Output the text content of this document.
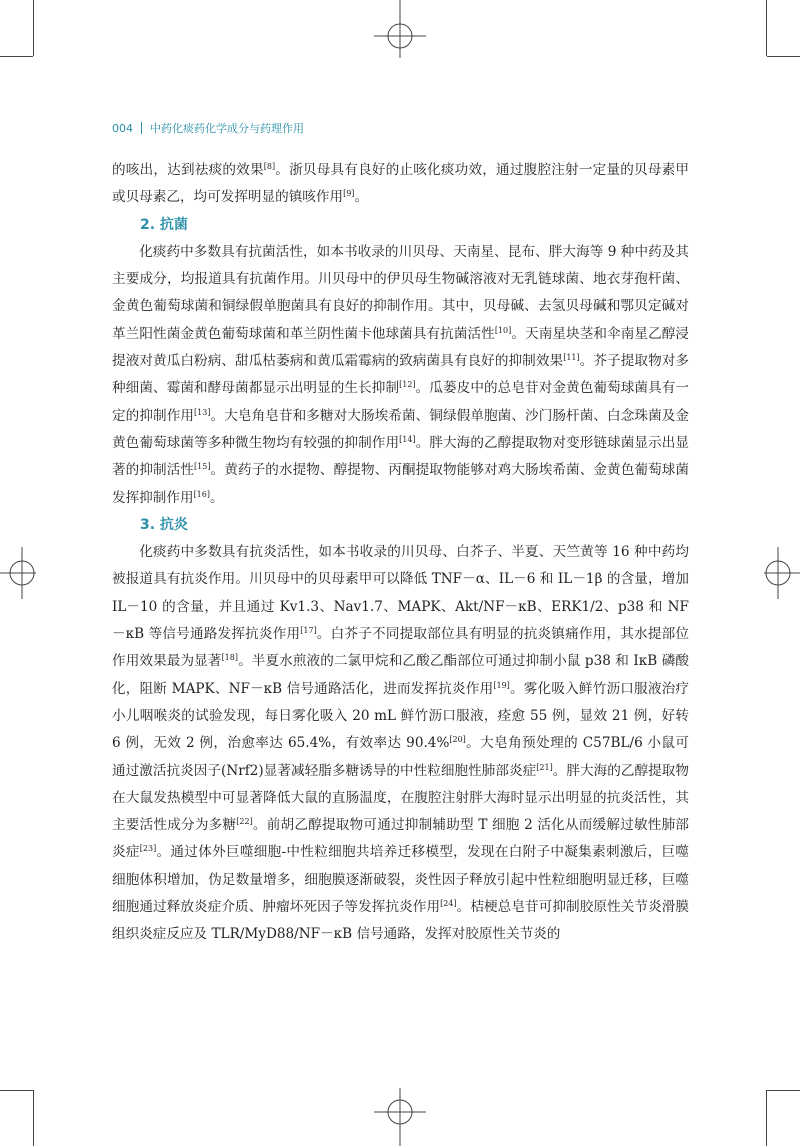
004 中药化痰药化学成分与药理作用

的咳出，达到祛痰的效果[8]。浙贝母具有良好的止咳化痰功效，通过腹腔注射一定量的贝母素甲或贝母素乙，均可发挥明显的镇咳作用[9]。

2. 抗菌

化痰药中多数具有抗菌活性，如本书收录的川贝母、天南星、昆布、胖大海等 9 种中药及其主要成分，均报道具有抗菌作用。川贝母中的伊贝母生物碱溶液对无乳链球菌、地衣芽孢杆菌、金黄色葡萄球菌和铜绿假单胞菌具有良好的抑制作用。其中，贝母碱、去氢贝母碱和鄂贝定碱对革兰阳性菌金黄色葡萄球菌和革兰阴性菌卡他球菌具有抗菌活性[10]。天南星块茎和伞南星乙醇浸提液对黄瓜白粉病、甜瓜枯萎病和黄瓜霜霉病的致病菌具有良好的抑制效果[11]。芥子提取物对多种细菌、霉菌和酵母菌都显示出明显的生长抑制[12]。瓜蒌皮中的总皂苷对金黄色葡萄球菌具有一定的抑制作用[13]。大皂角皂苷和多糖对大肠埃希菌、铜绿假单胞菌、沙门肠杆菌、白念珠菌及金黄色葡萄球菌等多种微生物均有较强的抑制作用[14]。胖大海的乙醇提取物对变形链球菌显示出显著的抑制活性[15]。黄药子的水提物、醇提物、丙酮提取物能够对鸡大肠埃希菌、金黄色葡萄球菌发挥抑制作用[16]。

3. 抗炎

化痰药中多数具有抗炎活性，如本书收录的川贝母、白芥子、半夏、天竺黄等 16 种中药均被报道具有抗炎作用。川贝母中的贝母素甲可以降低 TNF－α、IL－6 和 IL－1β 的含量，增加 IL－10 的含量，并且通过 Kv1.3、Nav1.7、MAPK、Akt/NF－κB、ERK1/2、p38 和 NF－κB 等信号通路发挥抗炎作用[17]。白芥子不同提取部位具有明显的抗炎镇痛作用，其水提部位作用效果最为显著[18]。半夏水煎液的二氯甲烷和乙酸乙酯部位可通过抑制小鼠 p38 和 IκB 磷酸化，阻断 MAPK、NF－κB 信号通路活化，进而发挥抗炎作用[19]。雾化吸入鲜竹沥口服液治疗小儿咽喉炎的试验发现，每日雾化吸入 20 mL 鲜竹沥口服液，痊愈 55 例，显效 21 例，好转 6 例，无效 2 例，治愈率达 65.4%，有效率达 90.4%[20]。大皂角预处理的 C57BL/6 小鼠可通过激活抗炎因子(Nrf2)显著减轻脂多糖诱导的中性粒细胞性肺部炎症[21]。胖大海的乙醇提取物在大鼠发热模型中可显著降低大鼠的直肠温度，在腹腔注射胖大海时显示出明显的抗炎活性，其主要活性成分为多糖[22]。前胡乙醇提取物可通过抑制辅助型 T 细胞 2 活化从而缓解过敏性肺部炎症[23]。通过体外巨噬细胞-中性粒细胞共培养迁移模型，发现在白附子中凝集素刺激后，巨噬细胞体积增加，伪足数量增多，细胞膜逐渐破裂，炎性因子释放引起中性粒细胞明显迁移，巨噬细胞通过释放炎症介质、肿瘤坏死因子等发挥抗炎作用[24]。桔梗总皂苷可抑制胶原性关节炎滑膜组织炎症反应及 TLR/MyD88/NF－κB 信号通路，发挥对胶原性关节炎的
